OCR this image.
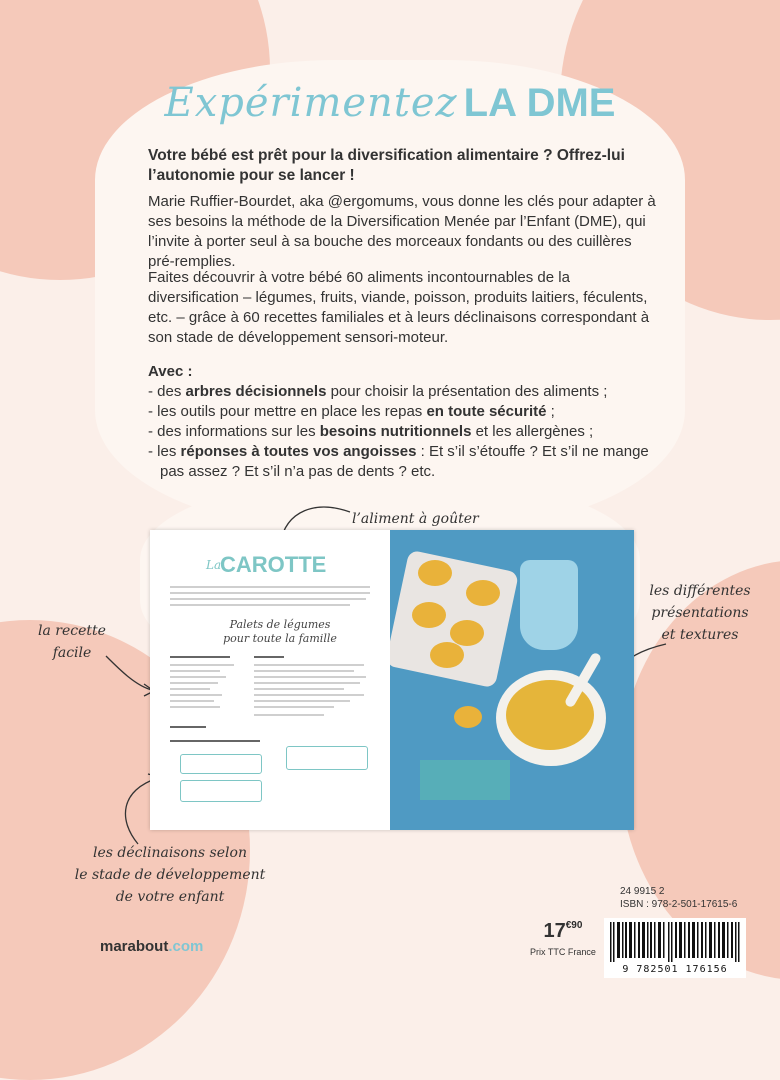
Expérimentez LA DME
Votre bébé est prêt pour la diversification alimentaire ? Offrez-lui l’autonomie pour se lancer !
Marie Ruffier-Bourdet, aka @ergomums, vous donne les clés pour adapter à ses besoins la méthode de la Diversification Menée par l’Enfant (DME), qui l’invite à porter seul à sa bouche des morceaux fondants ou des cuillères pré-remplies.
Faites découvrir à votre bébé 60 aliments incontournables de la diversification – légumes, fruits, viande, poisson, produits laitiers, féculents, etc. – grâce à 60 recettes familiales et à leurs déclinaisons correspondant à son stade de développement sensori-moteur.
Avec :
- des arbres décisionnels pour choisir la présentation des aliments ;
- les outils pour mettre en place les repas en toute sécurité ;
- des informations sur les besoins nutritionnels et les allergènes ;
- les réponses à toutes vos angoisses : Et s’il s’étouffe ? Et s’il ne mange pas assez ? Et s’il n’a pas de dents ? etc.
l’aliment à goûter
les différentes
présentations
et textures
la recette
facile
les déclinaisons selon
le stade de développement
de votre enfant
La
CAROTTE
Palets de légumes
pour toute la famille
marabout.com
$17^{€90}$
Prix TTC France
24 9915 2
ISBN : 978-2-501-17615-6
9 782501 176156
